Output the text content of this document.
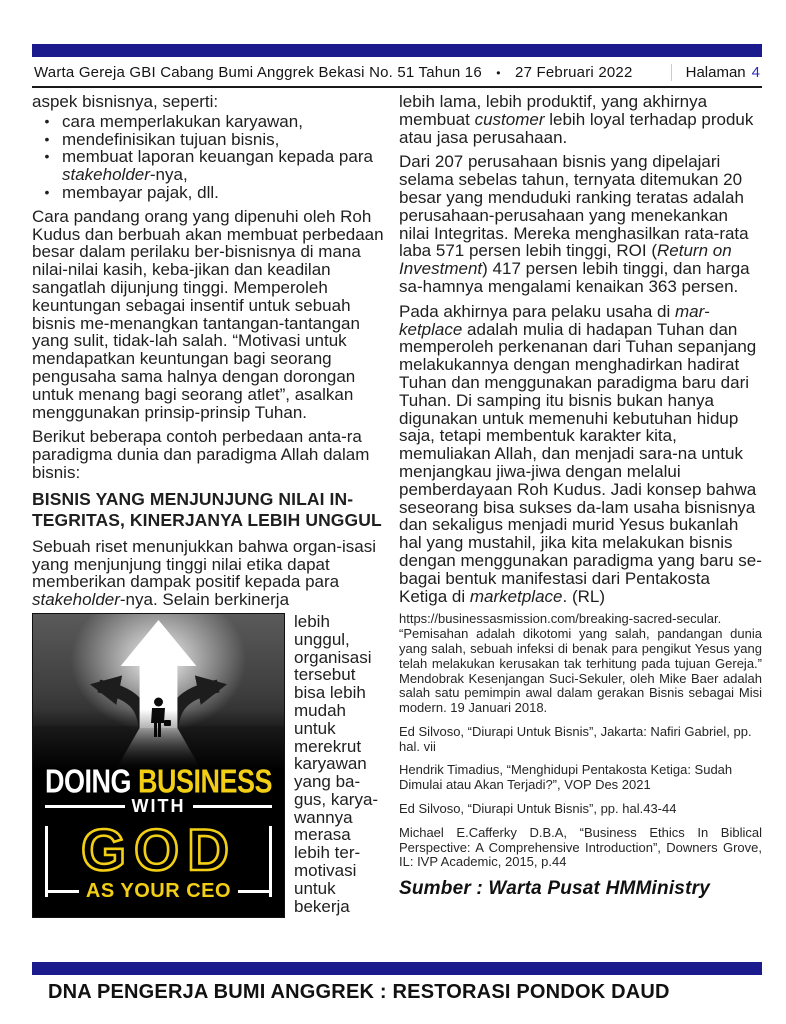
Warta Gereja GBI Cabang Bumi Anggrek Bekasi No. 51 Tahun 16 • 27 Februari 2022	Halaman 4

aspek bisnisnya, seperti:

• cara memperlakukan karyawan,
• mendefinisikan tujuan bisnis,
• membuat laporan keuangan kepada para stakeholder-nya,
• membayar pajak, dll.

Cara pandang orang yang dipenuhi oleh Roh Kudus dan berbuah akan membuat perbedaan besar dalam perilaku ber-bisnisnya di mana nilai-nilai kasih, keba-jikan dan keadilan sangatlah dijunjung tinggi. Memperoleh keuntungan sebagai insentif untuk sebuah bisnis me-menangkan tantangan-tantangan yang sulit, tidak-lah salah. “Motivasi untuk mendapatkan keuntungan bagi seorang pengusaha sama halnya dengan dorongan untuk menang bagi seorang atlet”, asalkan menggunakan prinsip-prinsip Tuhan.

Berikut beberapa contoh perbedaan anta-ra paradigma dunia dan paradigma Allah dalam bisnis:

BISNIS YANG MENJUNJUNG NILAI IN-TEGRITAS, KINERJANYA LEBIH UNGGUL

Sebuah riset menunjukkan bahwa organ-isasi yang menjunjung tinggi nilai etika dapat memberikan dampak positif kepada para stakeholder-nya. Selain berkinerja

DOING BUSINESS
WITH
GOD
AS YOUR CEO
lebih unggul, organisasi tersebut bisa lebih mudah untuk merekrut karyawan yang ba-gus, karya-wannya merasa lebih ter-motivasi untuk bekerja

lebih lama, lebih produktif, yang akhirnya membuat customer lebih loyal terhadap produk atau jasa perusahaan.

Dari 207 perusahaan bisnis yang dipelajari selama sebelas tahun, ternyata ditemukan 20 besar yang menduduki ranking teratas adalah perusahaan-perusahaan yang menekankan nilai Integritas. Mereka menghasilkan rata-rata laba 571 persen lebih tinggi, ROI (Return on Investment) 417 persen lebih tinggi, dan harga sa-hamnya mengalami kenaikan 363 persen.

Pada akhirnya para pelaku usaha di mar-ketplace adalah mulia di hadapan Tuhan dan memperoleh perkenanan dari Tuhan sepanjang melakukannya dengan menghadirkan hadirat Tuhan dan menggunakan paradigma baru dari Tuhan. Di samping itu bisnis bukan hanya digunakan untuk memenuhi kebutuhan hidup saja, tetapi membentuk karakter kita, memuliakan Allah, dan menjadi sara-na untuk menjangkau jiwa-jiwa dengan melalui pemberdayaan Roh Kudus. Jadi konsep bahwa seseorang bisa sukses da-lam usaha bisnisnya dan sekaligus menjadi murid Yesus bukanlah hal yang mustahil, jika kita melakukan bisnis dengan menggunakan paradigma yang baru se-bagai bentuk manifestasi dari Pentakosta Ketiga di marketplace. (RL)

https://businessasmission.com/breaking-sacred-secular. “Pemisahan adalah dikotomi yang salah, pandangan dunia yang salah, sebuah infeksi di benak para pengikut Yesus yang telah melakukan kerusakan tak terhitung pada tujuan Gereja.” Mendobrak Kesenjangan Suci-Sekuler, oleh Mike Baer adalah salah satu pemimpin awal dalam gerakan Bisnis sebagai Misi modern. 19 Januari 2018.

Ed Silvoso, “Diurapi Untuk Bisnis”, Jakarta: Nafiri Gabriel, pp. hal. vii

Hendrik Timadius, “Menghidupi Pentakosta Ketiga: Sudah Dimulai atau Akan Terjadi?”, VOP Des 2021

Ed Silvoso, “Diurapi Untuk Bisnis”, pp. hal.43-44

Michael E.Cafferky D.B.A, “Business Ethics In Biblical Perspective: A Comprehensive Introduction”, Downers Grove, IL: IVP Academic, 2015, p.44

Sumber : Warta Pusat HMMinistry
DNA PENGERJA BUMI ANGGREK : RESTORASI PONDOK DAUD
